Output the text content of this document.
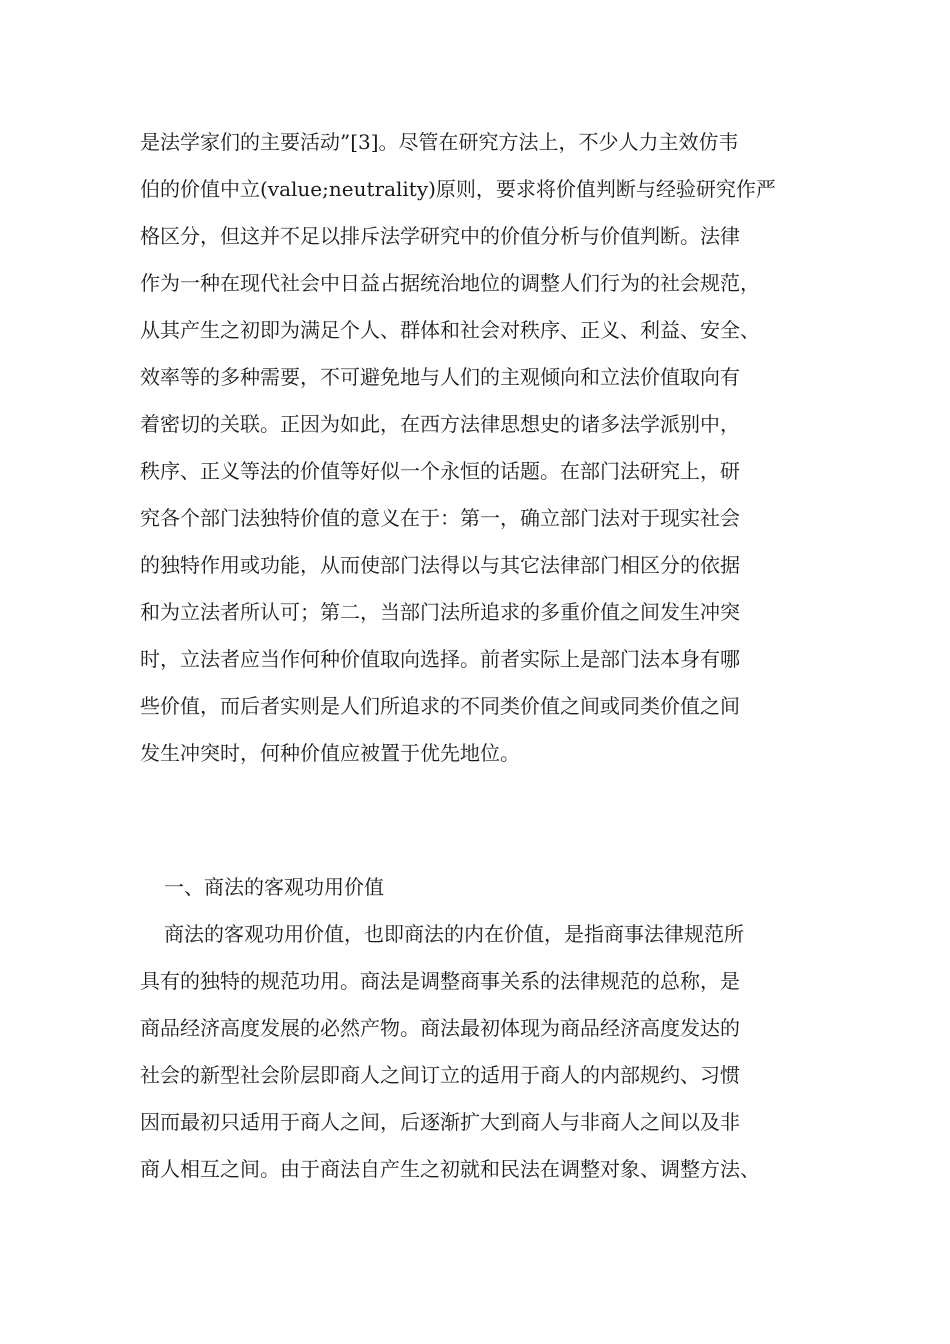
是法学家们的主要活动”[3]。尽管在研究方法上，不少人力主效仿韦
伯的价值中立(value;neutrality)原则，要求将价值判断与经验研究作严
格区分，但这并不足以排斥法学研究中的价值分析与价值判断。法律
作为一种在现代社会中日益占据统治地位的调整人们行为的社会规范，
从其产生之初即为满足个人、群体和社会对秩序、正义、利益、安全、
效率等的多种需要，不可避免地与人们的主观倾向和立法价值取向有
着密切的关联。正因为如此，在西方法律思想史的诸多法学派别中，
秩序、正义等法的价值等好似一个永恒的话题。在部门法研究上，研
究各个部门法独特价值的意义在于：第一，确立部门法对于现实社会
的独特作用或功能，从而使部门法得以与其它法律部门相区分的依据
和为立法者所认可；第二，当部门法所追求的多重价值之间发生冲突
时，立法者应当作何种价值取向选择。前者实际上是部门法本身有哪
些价值，而后者实则是人们所追求的不同类价值之间或同类价值之间
发生冲突时，何种价值应被置于优先地位。
一、商法的客观功用价值
商法的客观功用价值，也即商法的内在价值，是指商事法律规范所
具有的独特的规范功用。商法是调整商事关系的法律规范的总称，是
商品经济高度发展的必然产物。商法最初体现为商品经济高度发达的
社会的新型社会阶层即商人之间订立的适用于商人的内部规约、习惯
因而最初只适用于商人之间，后逐渐扩大到商人与非商人之间以及非
商人相互之间。由于商法自产生之初就和民法在调整对象、调整方法、
